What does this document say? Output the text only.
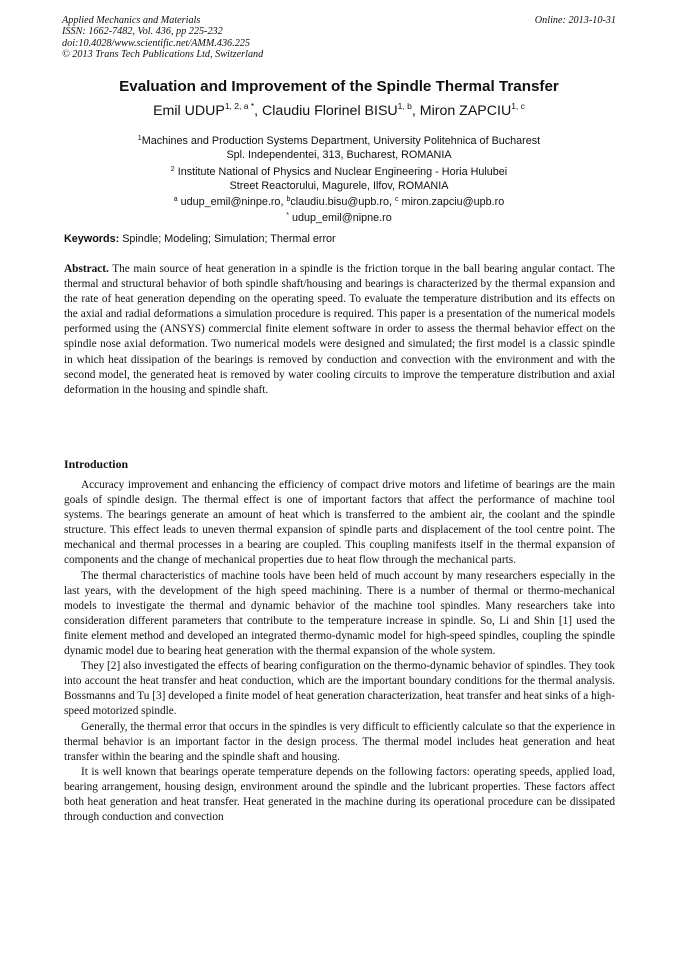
Applied Mechanics and Materials
ISSN: 1662-7482, Vol. 436, pp 225-232
doi:10.4028/www.scientific.net/AMM.436.225
© 2013 Trans Tech Publications Ltd, Switzerland
Online: 2013-10-31
Evaluation and Improvement of the Spindle Thermal Transfer
Emil $UDUP^{1, 2, a *}$, Claudiu Florinel BISU$^{1, b}$, Miron ZAPCIU$^{1, c}$
$^1$Machines and Production Systems Department, University Politehnica of Bucharest
Spl. Independentei, 313, Bucharest, ROMANIA
$^2$ Institute National of Physics and Nuclear Engineering - Horia Hulubei
Street Reactorului, Magurele, Ilfov, ROMANIA
$^a$ udup_emil@ninpe.ro, $^b$claudiu.bisu@upb.ro, $^c$ miron.zapciu@upb.ro
* udup_emil@nipne.ro
Keywords: Spindle; Modeling; Simulation; Thermal error

Abstract. The main source of heat generation in a spindle is the friction torque in the ball bearing angular contact. The thermal and structural behavior of both spindle shaft/housing and bearings is characterized by the thermal expansion and the rate of heat generation depending on the operating speed. To evaluate the temperature distribution and its effects on the axial and radial deformations a simulation procedure is required. This paper is a presentation of the numerical models performed using the (ANSYS) commercial finite element software in order to assess the thermal behavior effect on the spindle nose axial deformation. Two numerical models were designed and simulated; the first model is a classic spindle in which heat dissipation of the bearings is removed by conduction and convection with the environment and with the second model, the generated heat is removed by water cooling circuits to improve the temperature distribution and axial deformation in the housing and spindle shaft.

Introduction

Accuracy improvement and enhancing the efficiency of compact drive motors and lifetime of bearings are the main goals of spindle design. The thermal effect is one of important factors that affect the performance of machine tool systems. The bearings generate an amount of heat which is transferred to the ambient air, the coolant and the spindle structure. This effect leads to uneven thermal expansion of spindle parts and displacement of the tool centre point. The mechanical and thermal processes in a bearing are coupled. This coupling manifests itself in the thermal expansion of components and the change of mechanical properties due to heat flow through the mechanical parts.

The thermal characteristics of machine tools have been held of much account by many researchers especially in the last years, with the development of the high speed machining. There is a number of thermal or thermo-mechanical models to investigate the thermal and dynamic behavior of the machine tool spindles. Many researchers take into consideration different parameters that contribute to the temperature increase in spindle. So, Li and Shin [1] used the finite element method and developed an integrated thermo-dynamic model for high-speed spindles, coupling the spindle dynamic model due to bearing heat generation with the thermal expansion of the whole system.

They [2] also investigated the effects of bearing configuration on the thermo-dynamic behavior of spindles. They took into account the heat transfer and heat conduction, which are the important boundary conditions for the thermal analysis. Bossmanns and Tu [3] developed a finite model of heat generation characterization, heat transfer and heat sinks of a high-speed motorized spindle.

Generally, the thermal error that occurs in the spindles is very difficult to efficiently calculate so that the experience in thermal behavior is an important factor in the design process. The thermal model includes heat generation and heat transfer within the bearing and the spindle shaft and housing.

It is well known that bearings operate temperature depends on the following factors: operating speeds, applied load, bearing arrangement, housing design, environment around the spindle and the lubricant properties. These factors affect both heat generation and heat transfer. Heat generated in the machine during its operational procedure can be dissipated through conduction and convection
